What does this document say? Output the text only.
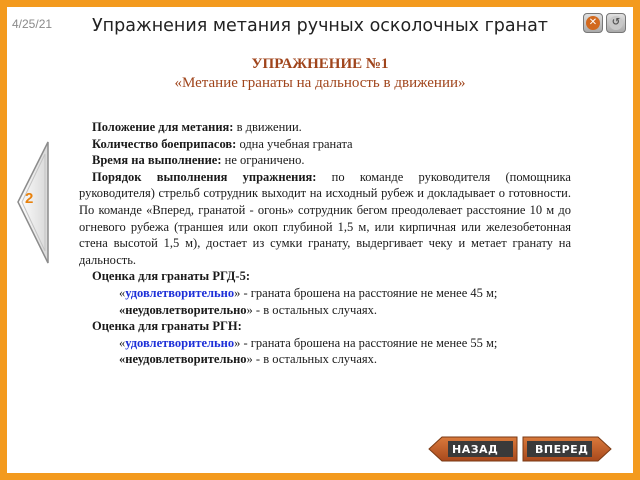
4/25/21	Упражнения метания ручных осколочных гранат	✕ ↺
УПРАЖНЕНИЕ №1
«Метание гранаты на дальность в движении»
2

Положение для метания: в движении.

Количество боеприпасов: одна учебная граната

Время на выполнение: не ограничено.

Порядок выполнения упражнения: по команде руководителя (помощника руководителя) стрельб сотрудник выходит на исходный рубеж и докладывает о готовности. По команде «Вперед, гранатой - огонь» сотрудник бегом преодолевает расстояние 10 м до огневого рубежа (траншея или окоп глубиной 1,5 м, или кирпичная или железобетонная стена высотой 1,5 м), достает из сумки гранату, выдергивает чеку и метает гранату на дальность.

Оценка для гранаты РГД-5:

«удовлетворительно» - граната брошена на расстояние не менее 45 м;

«неудовлетворительно» - в остальных случаях.

Оценка для гранаты РГН:

«удовлетворительно» - граната брошена на расстояние не менее 55 м;

«неудовлетворительно» - в остальных случаях.

НАЗАД	ВПЕРЕД
